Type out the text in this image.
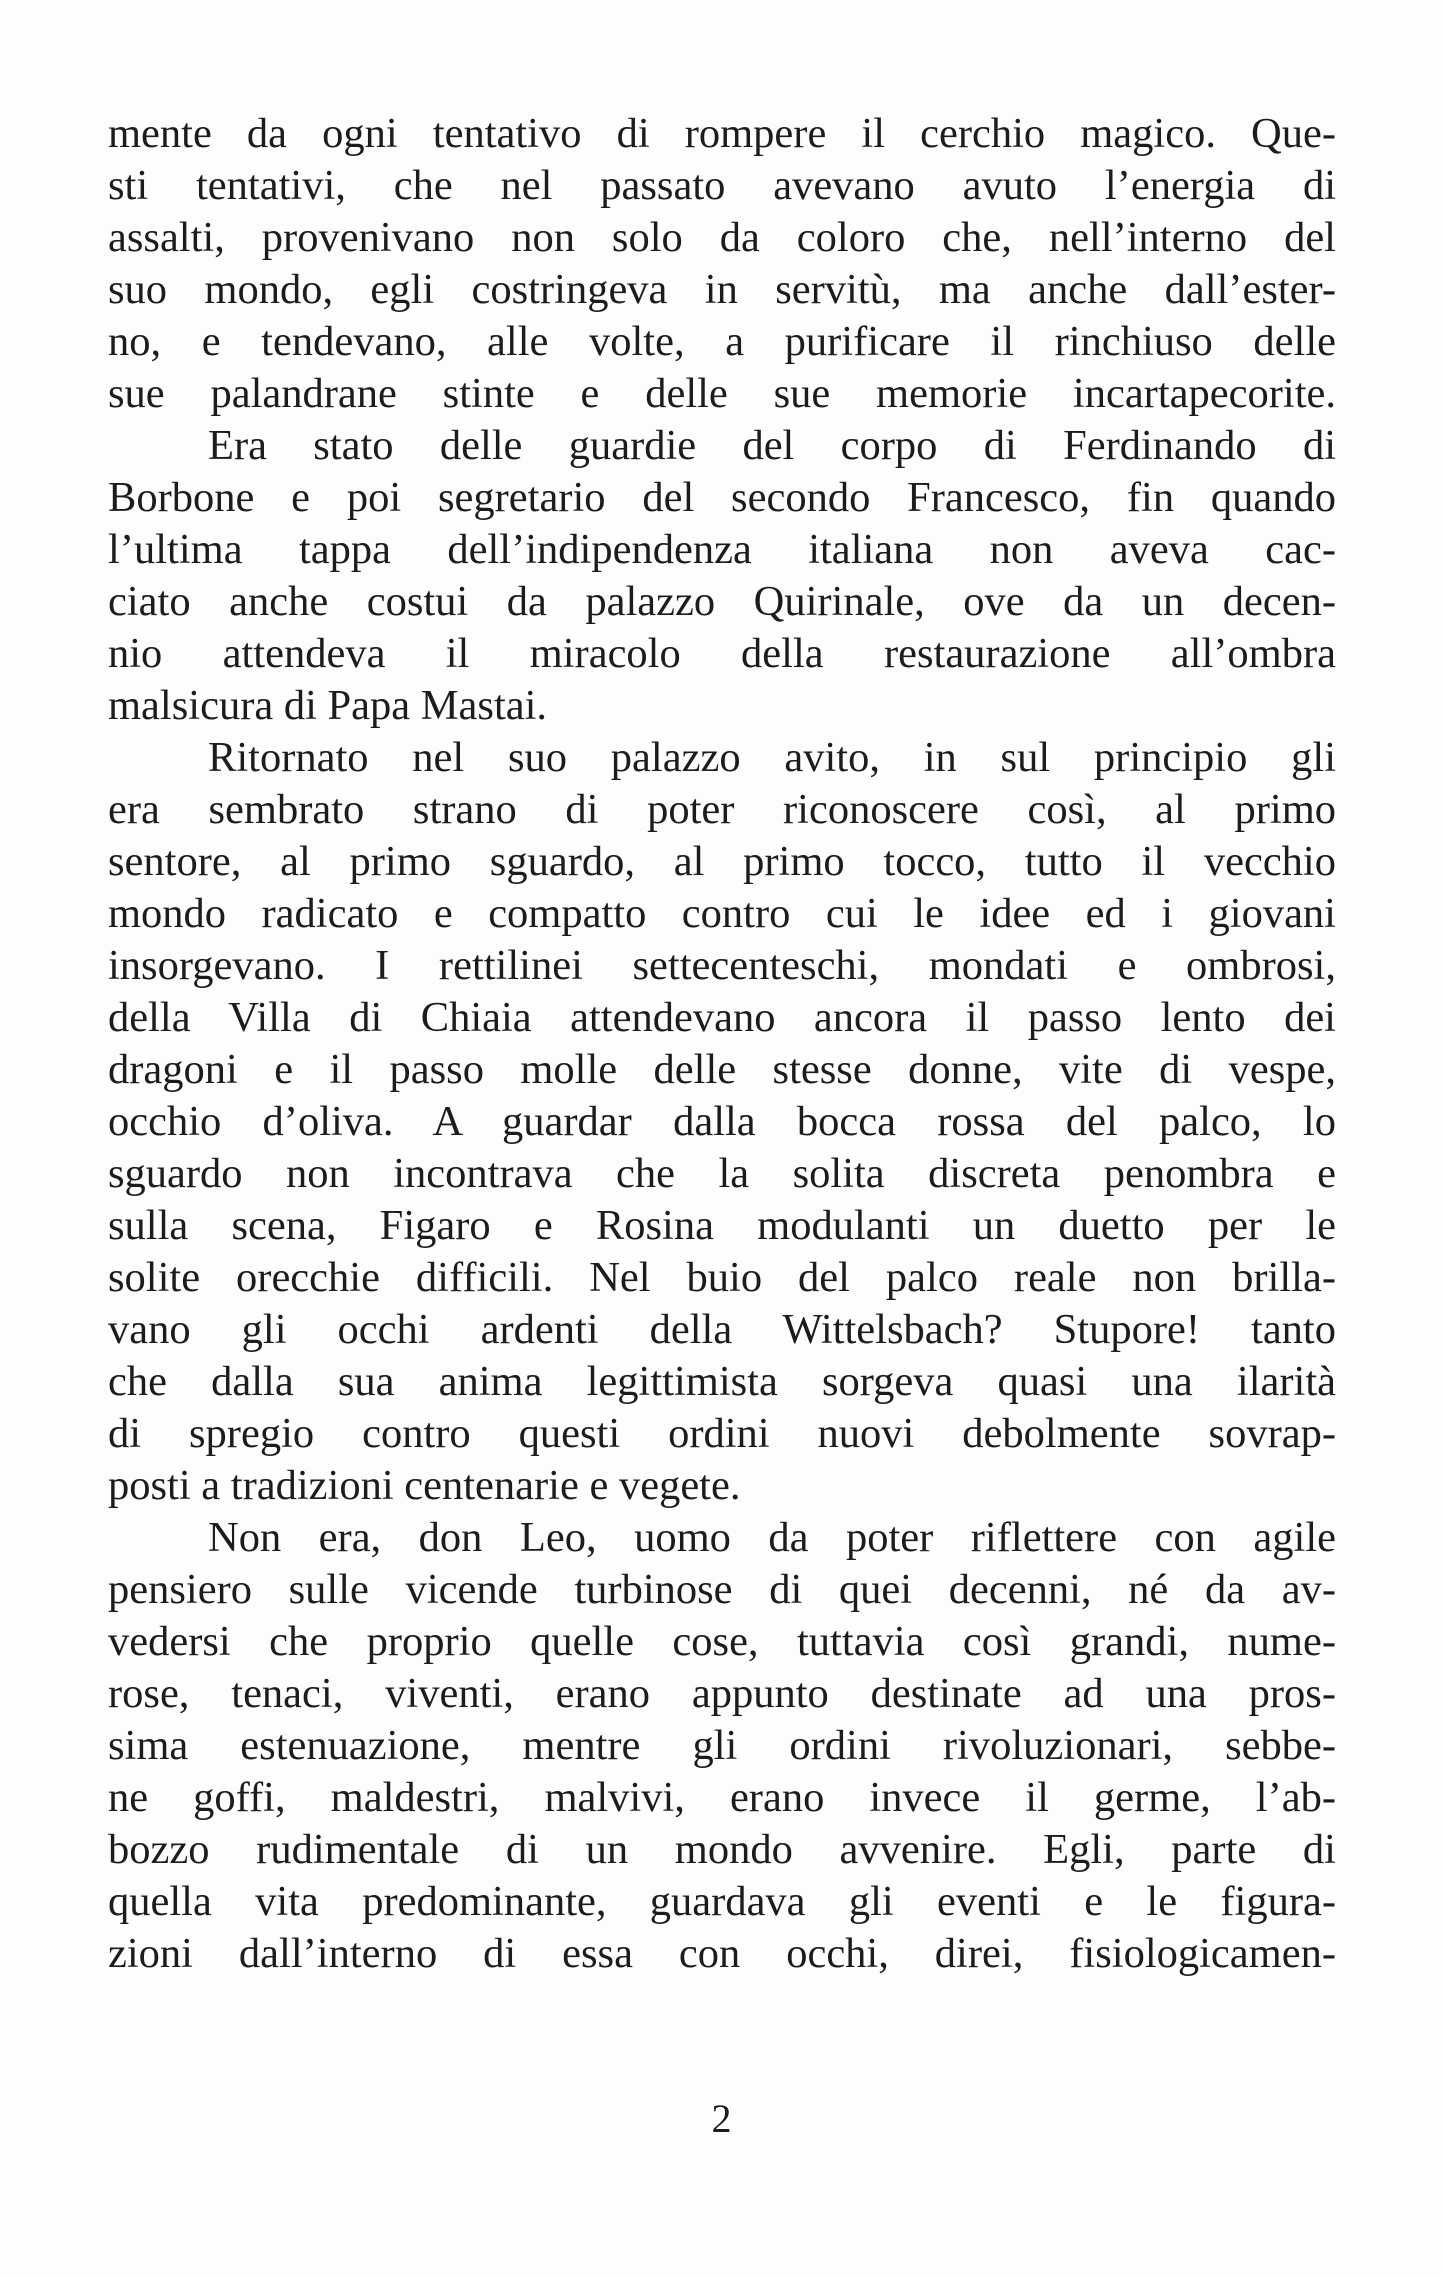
mente da ogni tentativo di rompere il cerchio magico. Que-
sti tentativi, che nel passato avevano avuto l’energia di
assalti, provenivano non solo da coloro che, nell’interno del
suo mondo, egli costringeva in servitù, ma anche dall’ester-
no, e tendevano, alle volte, a purificare il rinchiuso delle
sue palandrane stinte e delle sue memorie incartapecorite.
Era stato delle guardie del corpo di Ferdinando di
Borbone e poi segretario del secondo Francesco, fin quando
l’ultima tappa dell’indipendenza italiana non aveva cac-
ciato anche costui da palazzo Quirinale, ove da un decen-
nio attendeva il miracolo della restaurazione all’ombra
malsicura di Papa Mastai.
Ritornato nel suo palazzo avito, in sul principio gli
era sembrato strano di poter riconoscere così, al primo
sentore, al primo sguardo, al primo tocco, tutto il vecchio
mondo radicato e compatto contro cui le idee ed i giovani
insorgevano. I rettilinei settecenteschi, mondati e ombrosi,
della Villa di Chiaia attendevano ancora il passo lento dei
dragoni e il passo molle delle stesse donne, vite di vespe,
occhio d’oliva. A guardar dalla bocca rossa del palco, lo
sguardo non incontrava che la solita discreta penombra e
sulla scena, Figaro e Rosina modulanti un duetto per le
solite orecchie difficili. Nel buio del palco reale non brilla-
vano gli occhi ardenti della Wittelsbach? Stupore! tanto
che dalla sua anima legittimista sorgeva quasi una ilarità
di spregio contro questi ordini nuovi debolmente sovrap-
posti a tradizioni centenarie e vegete.
Non era, don Leo, uomo da poter riflettere con agile
pensiero sulle vicende turbinose di quei decenni, né da av-
vedersi che proprio quelle cose, tuttavia così grandi, nume-
rose, tenaci, viventi, erano appunto destinate ad una pros-
sima estenuazione, mentre gli ordini rivoluzionari, sebbe-
ne goffi, maldestri, malvivi, erano invece il germe, l’ab-
bozzo rudimentale di un mondo avvenire. Egli, parte di
quella vita predominante, guardava gli eventi e le figura-
zioni dall’interno di essa con occhi, direi, fisiologicamen-
2
